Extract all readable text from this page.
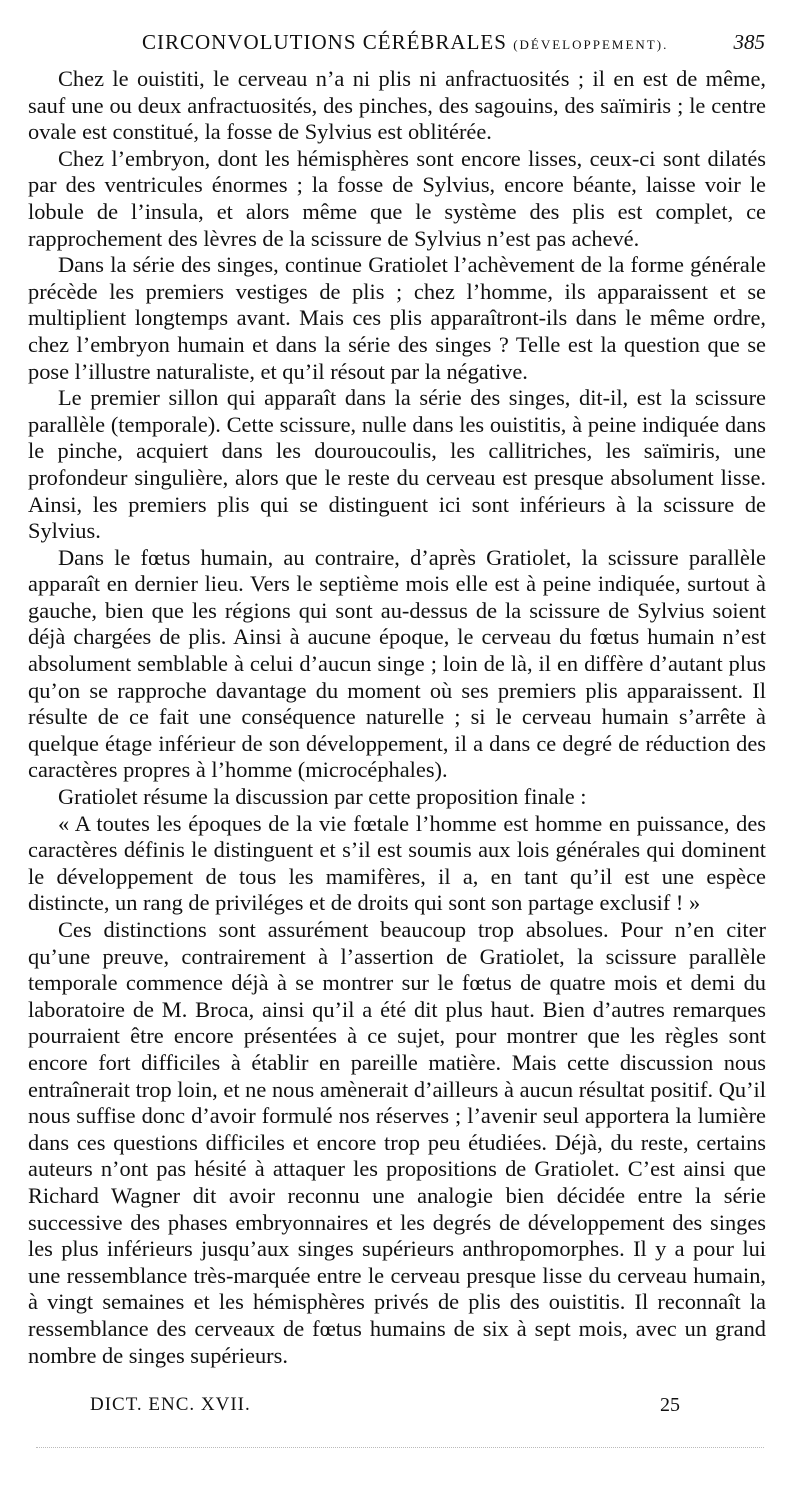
CIRCONVOLUTIONS CÉRÉBRALES (DÉVELOPPEMENT).	385

Chez le ouistiti, le cerveau n’a ni plis ni anfractuosités ; il en est de même, sauf une ou deux anfractuosités, des pinches, des sagouins, des saïmiris ; le centre ovale est constitué, la fosse de Sylvius est oblitérée.

Chez l’embryon, dont les hémisphères sont encore lisses, ceux-ci sont dilatés par des ventricules énormes ; la fosse de Sylvius, encore béante, laisse voir le lobule de l’insula, et alors même que le système des plis est complet, ce rapprochement des lèvres de la scissure de Sylvius n’est pas achevé.

Dans la série des singes, continue Gratiolet l’achèvement de la forme générale précède les premiers vestiges de plis ; chez l’homme, ils apparaissent et se multiplient longtemps avant. Mais ces plis apparaîtront-ils dans le même ordre, chez l’embryon humain et dans la série des singes ? Telle est la question que se pose l’illustre naturaliste, et qu’il résout par la négative.

Le premier sillon qui apparaît dans la série des singes, dit-il, est la scissure parallèle (temporale). Cette scissure, nulle dans les ouistitis, à peine indiquée dans le pinche, acquiert dans les douroucoulis, les callitriches, les saïmiris, une profondeur singulière, alors que le reste du cerveau est presque absolument lisse. Ainsi, les premiers plis qui se distinguent ici sont inférieurs à la scissure de Sylvius.

Dans le fœtus humain, au contraire, d’après Gratiolet, la scissure parallèle apparaît en dernier lieu. Vers le septième mois elle est à peine indiquée, surtout à gauche, bien que les régions qui sont au-dessus de la scissure de Sylvius soient déjà chargées de plis. Ainsi à aucune époque, le cerveau du fœtus humain n’est absolument semblable à celui d’aucun singe ; loin de là, il en diffère d’autant plus qu’on se rapproche davantage du moment où ses premiers plis apparaissent. Il résulte de ce fait une conséquence naturelle ; si le cerveau humain s’arrête à quelque étage inférieur de son développement, il a dans ce degré de réduction des caractères propres à l’homme (microcéphales).

Gratiolet résume la discussion par cette proposition finale :

« A toutes les époques de la vie fœtale l’homme est homme en puissance, des caractères définis le distinguent et s’il est soumis aux lois générales qui dominent le développement de tous les mamifères, il a, en tant qu’il est une espèce distincte, un rang de priviléges et de droits qui sont son partage exclusif ! »

Ces distinctions sont assurément beaucoup trop absolues. Pour n’en citer qu’une preuve, contrairement à l’assertion de Gratiolet, la scissure parallèle temporale commence déjà à se montrer sur le fœtus de quatre mois et demi du laboratoire de M. Broca, ainsi qu’il a été dit plus haut. Bien d’autres remarques pourraient être encore présentées à ce sujet, pour montrer que les règles sont encore fort difficiles à établir en pareille matière. Mais cette discussion nous entraînerait trop loin, et ne nous amènerait d’ailleurs à aucun résultat positif. Qu’il nous suffise donc d’avoir formulé nos réserves ; l’avenir seul apportera la lumière dans ces questions difficiles et encore trop peu étudiées. Déjà, du reste, certains auteurs n’ont pas hésité à attaquer les propositions de Gratiolet. C’est ainsi que Richard Wagner dit avoir reconnu une analogie bien décidée entre la série successive des phases embryonnaires et les degrés de développement des singes les plus inférieurs jusqu’aux singes supérieurs anthropomorphes. Il y a pour lui une ressemblance très-marquée entre le cerveau presque lisse du cerveau humain, à vingt semaines et les hémisphères privés de plis des ouistitis. Il reconnaît la ressemblance des cerveaux de fœtus humains de six à sept mois, avec un grand nombre de singes supérieurs.

DICT. ENC. XVII.	25
